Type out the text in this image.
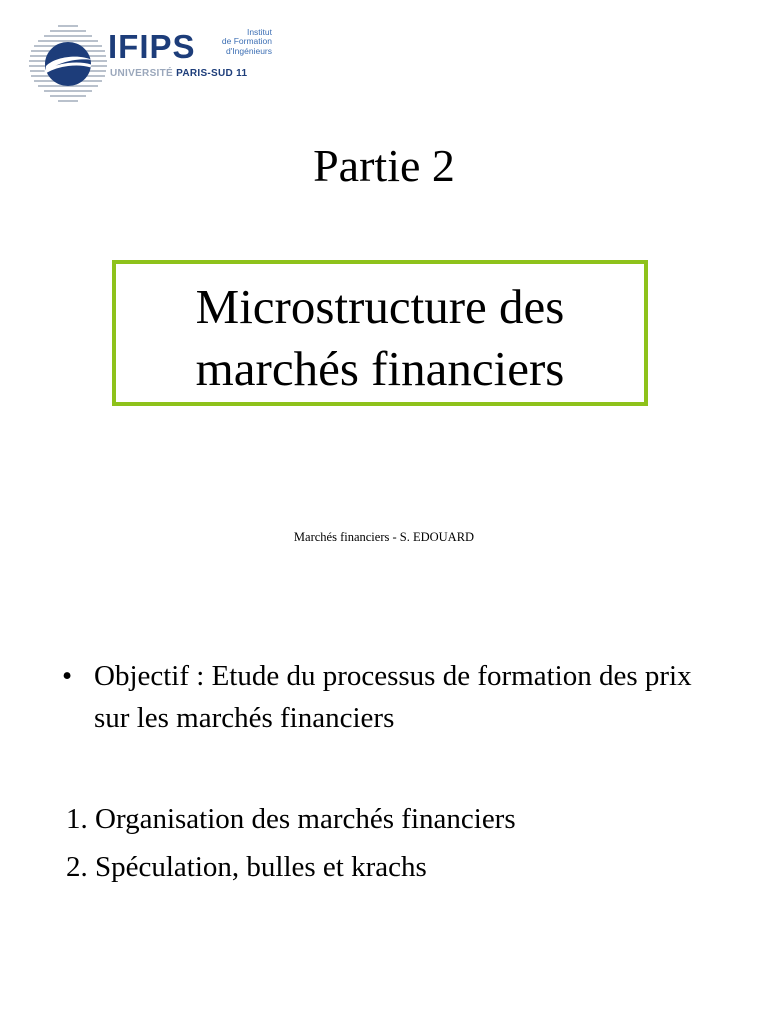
IFIPS	Institut
de Formation
d'Ingénieurs
UNIVERSITÉ PARIS-SUD 11
Partie 2
Microstructure des
marchés financiers
Marchés financiers - S. EDOUARD
• Objectif : Etude du processus de formation des prix sur les marchés financiers
1. Organisation des marchés financiers
2. Spéculation, bulles et krachs
